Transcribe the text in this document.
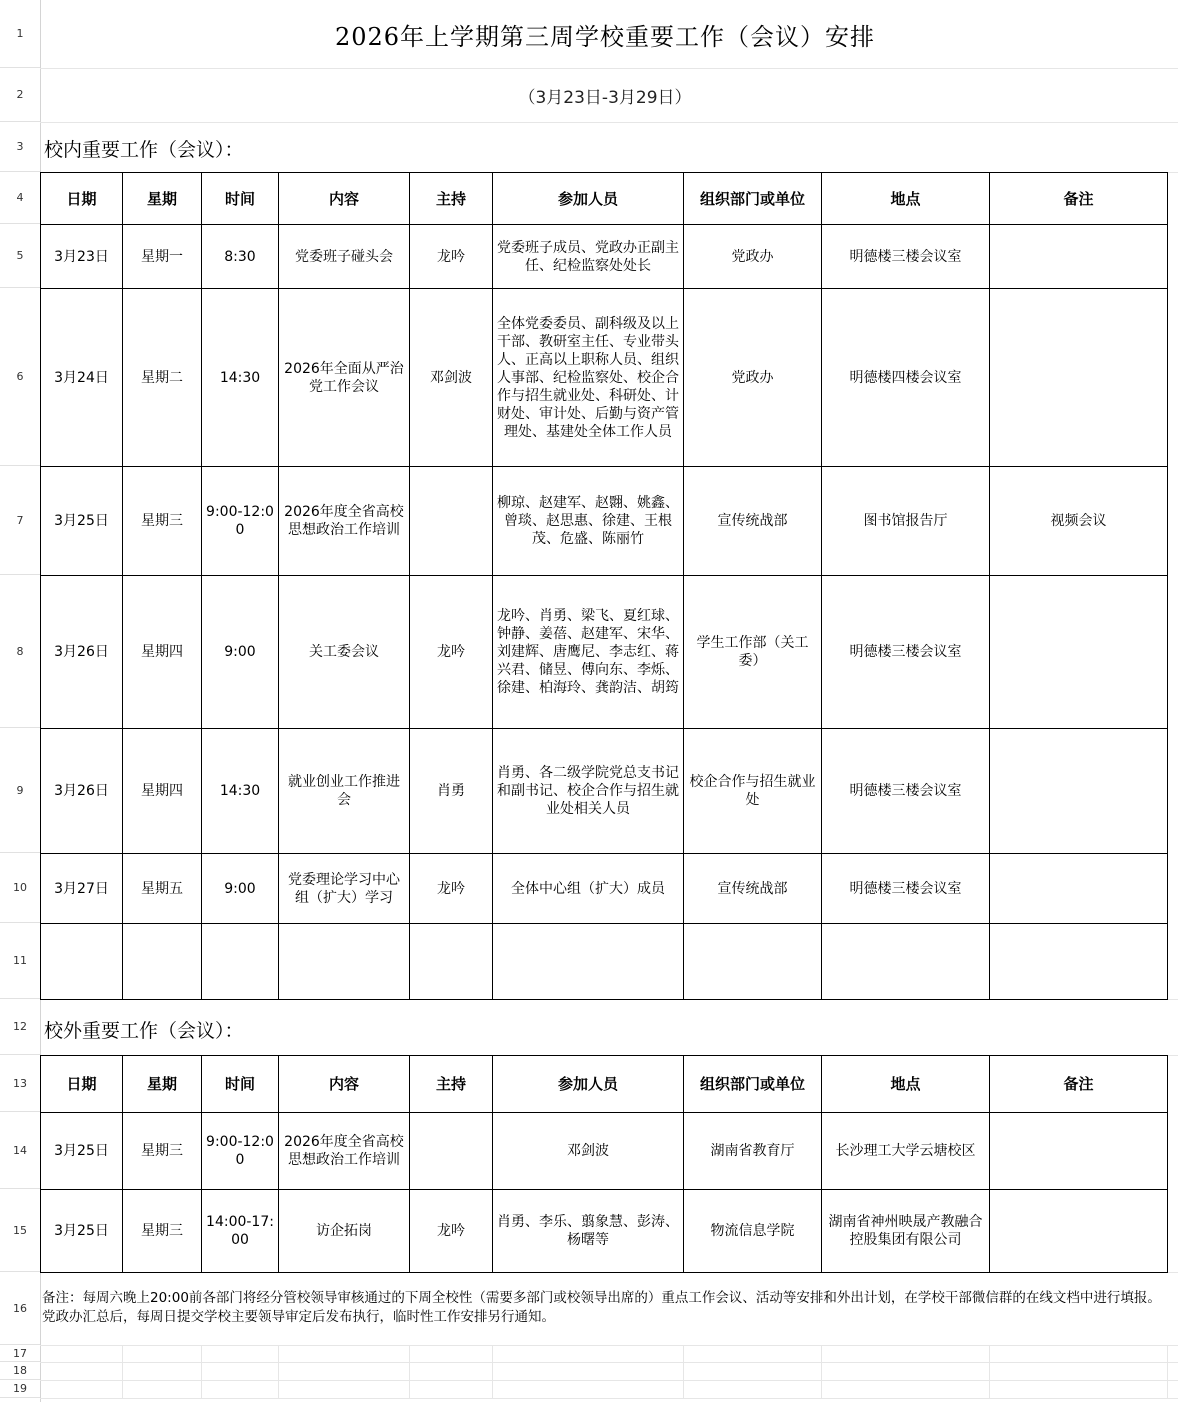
1
2
3
4
5
6
7
8
9
10
11
12
13
14
15
16
17
18
19
2026年上学期第三周学校重要工作（会议）安排
（3月23日-3月29日）
校内重要工作（会议）：
日期	星期	时间	内容	主持	参加人员	组织部门或单位	地点	备注
3月23日	星期一	8:30	党委班子碰头会	龙吟	党委班子成员、党政办正副主任、纪检监察处处长	党政办	明德楼三楼会议室	
3月24日	星期二	14:30	2026年全面从严治党工作会议	邓剑波	全体党委委员、副科级及以上干部、教研室主任、专业带头人、正高以上职称人员、组织人事部、纪检监察处、校企合作与招生就业处、科研处、计财处、审计处、后勤与资产管理处、基建处全体工作人员	党政办	明德楼四楼会议室	
3月25日	星期三	9:00-12:00	2026年度全省高校思想政治工作培训		柳琼、赵建军、赵翾、姚鑫、曾琰、赵思惠、徐建、王根茂、危盛、陈丽竹	宣传统战部	图书馆报告厅	视频会议
3月26日	星期四	9:00	关工委会议	龙吟	龙吟、肖勇、梁飞、夏红球、钟静、姜蓓、赵建军、宋华、刘建辉、唐鹰尼、李志红、蒋兴君、储昱、傅向东、李烁、徐建、柏海玲、龚韵洁、胡筠	学生工作部（关工委）	明德楼三楼会议室	
3月26日	星期四	14:30	就业创业工作推进会	肖勇	肖勇、各二级学院党总支书记和副书记、校企合作与招生就业处相关人员	校企合作与招生就业处	明德楼三楼会议室	
3月27日	星期五	9:00	党委理论学习中心组（扩大）学习	龙吟	全体中心组（扩大）成员	宣传统战部	明德楼三楼会议室	

校外重要工作（会议）：
日期	星期	时间	内容	主持	参加人员	组织部门或单位	地点	备注
3月25日	星期三	9:00-12:00	2026年度全省高校思想政治工作培训		邓剑波	湖南省教育厅	长沙理工大学云塘校区	
3月25日	星期三	14:00-17:00	访企拓岗	龙吟	肖勇、李乐、翦象慧、彭涛、杨曙等	物流信息学院	湖南省神州映晟产教融合控股集团有限公司	
备注：每周六晚上20:00前各部门将经分管校领导审核通过的下周全校性（需要多部门或校领导出席的）重点工作会议、活动等安排和外出计划，在学校干部微信群的在线文档中进行填报。党政办汇总后，每周日提交学校主要领导审定后发布执行，临时性工作安排另行通知。
